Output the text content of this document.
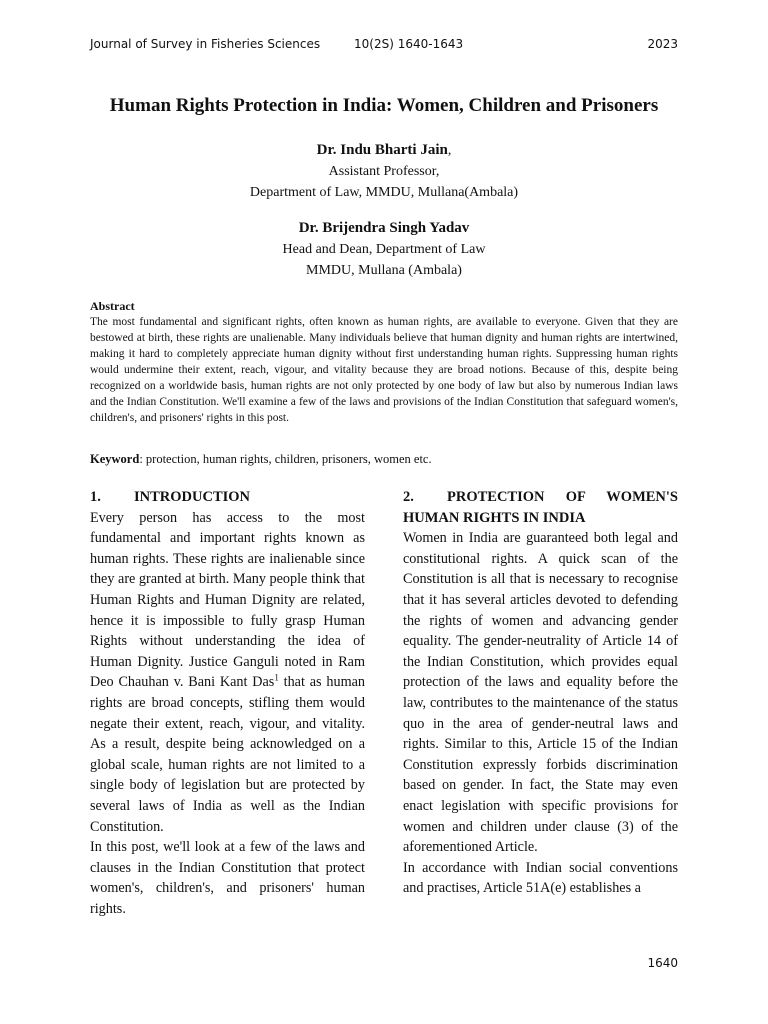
Journal of Survey in Fisheries Sciences	10(2S) 1640-1643	2023
Human Rights Protection in India: Women, Children and Prisoners
Dr. Indu Bharti Jain,
Assistant Professor,
Department of Law, MMDU, Mullana(Ambala)
Dr. Brijendra Singh Yadav
Head and Dean, Department of Law
MMDU, Mullana (Ambala)
Abstract

The most fundamental and significant rights, often known as human rights, are available to everyone. Given that they are bestowed at birth, these rights are unalienable. Many individuals believe that human dignity and human rights are intertwined, making it hard to completely appreciate human dignity without first understanding human rights. Suppressing human rights would undermine their extent, reach, vigour, and vitality because they are broad notions. Because of this, despite being recognized on a worldwide basis, human rights are not only protected by one body of law but also by numerous Indian laws and the Indian Constitution. We'll examine a few of the laws and provisions of the Indian Constitution that safeguard women's, children's, and prisoners' rights in this post.

Keyword: protection, human rights, children, prisoners, women etc.
1. INTRODUCTION

Every person has access to the most fundamental and important rights known as human rights. These rights are inalienable since they are granted at birth. Many people think that Human Rights and Human Dignity are related, hence it is impossible to fully grasp Human Rights without understanding the idea of Human Dignity. Justice Ganguli noted in Ram Deo Chauhan v. Bani Kant Das$^1$ that as human rights are broad concepts, stifling them would negate their extent, reach, vigour, and vitality. As a result, despite being acknowledged on a global scale, human rights are not limited to a single body of legislation but are protected by several laws of India as well as the Indian Constitution.

In this post, we'll look at a few of the laws and clauses in the Indian Constitution that protect women's, children's, and prisoners' human rights.

2. PROTECTION OF WOMEN'S
HUMAN RIGHTS IN INDIA

Women in India are guaranteed both legal and constitutional rights. A quick scan of the Constitution is all that is necessary to recognise that it has several articles devoted to defending the rights of women and advancing gender equality. The gender-neutrality of Article 14 of the Indian Constitution, which provides equal protection of the laws and equality before the law, contributes to the maintenance of the status quo in the area of gender-neutral laws and rights. Similar to this, Article 15 of the Indian Constitution expressly forbids discrimination based on gender. In fact, the State may even enact legislation with specific provisions for women and children under clause (3) of the aforementioned Article.

In accordance with Indian social conventions and practises, Article 51A(e) establishes a

1640
